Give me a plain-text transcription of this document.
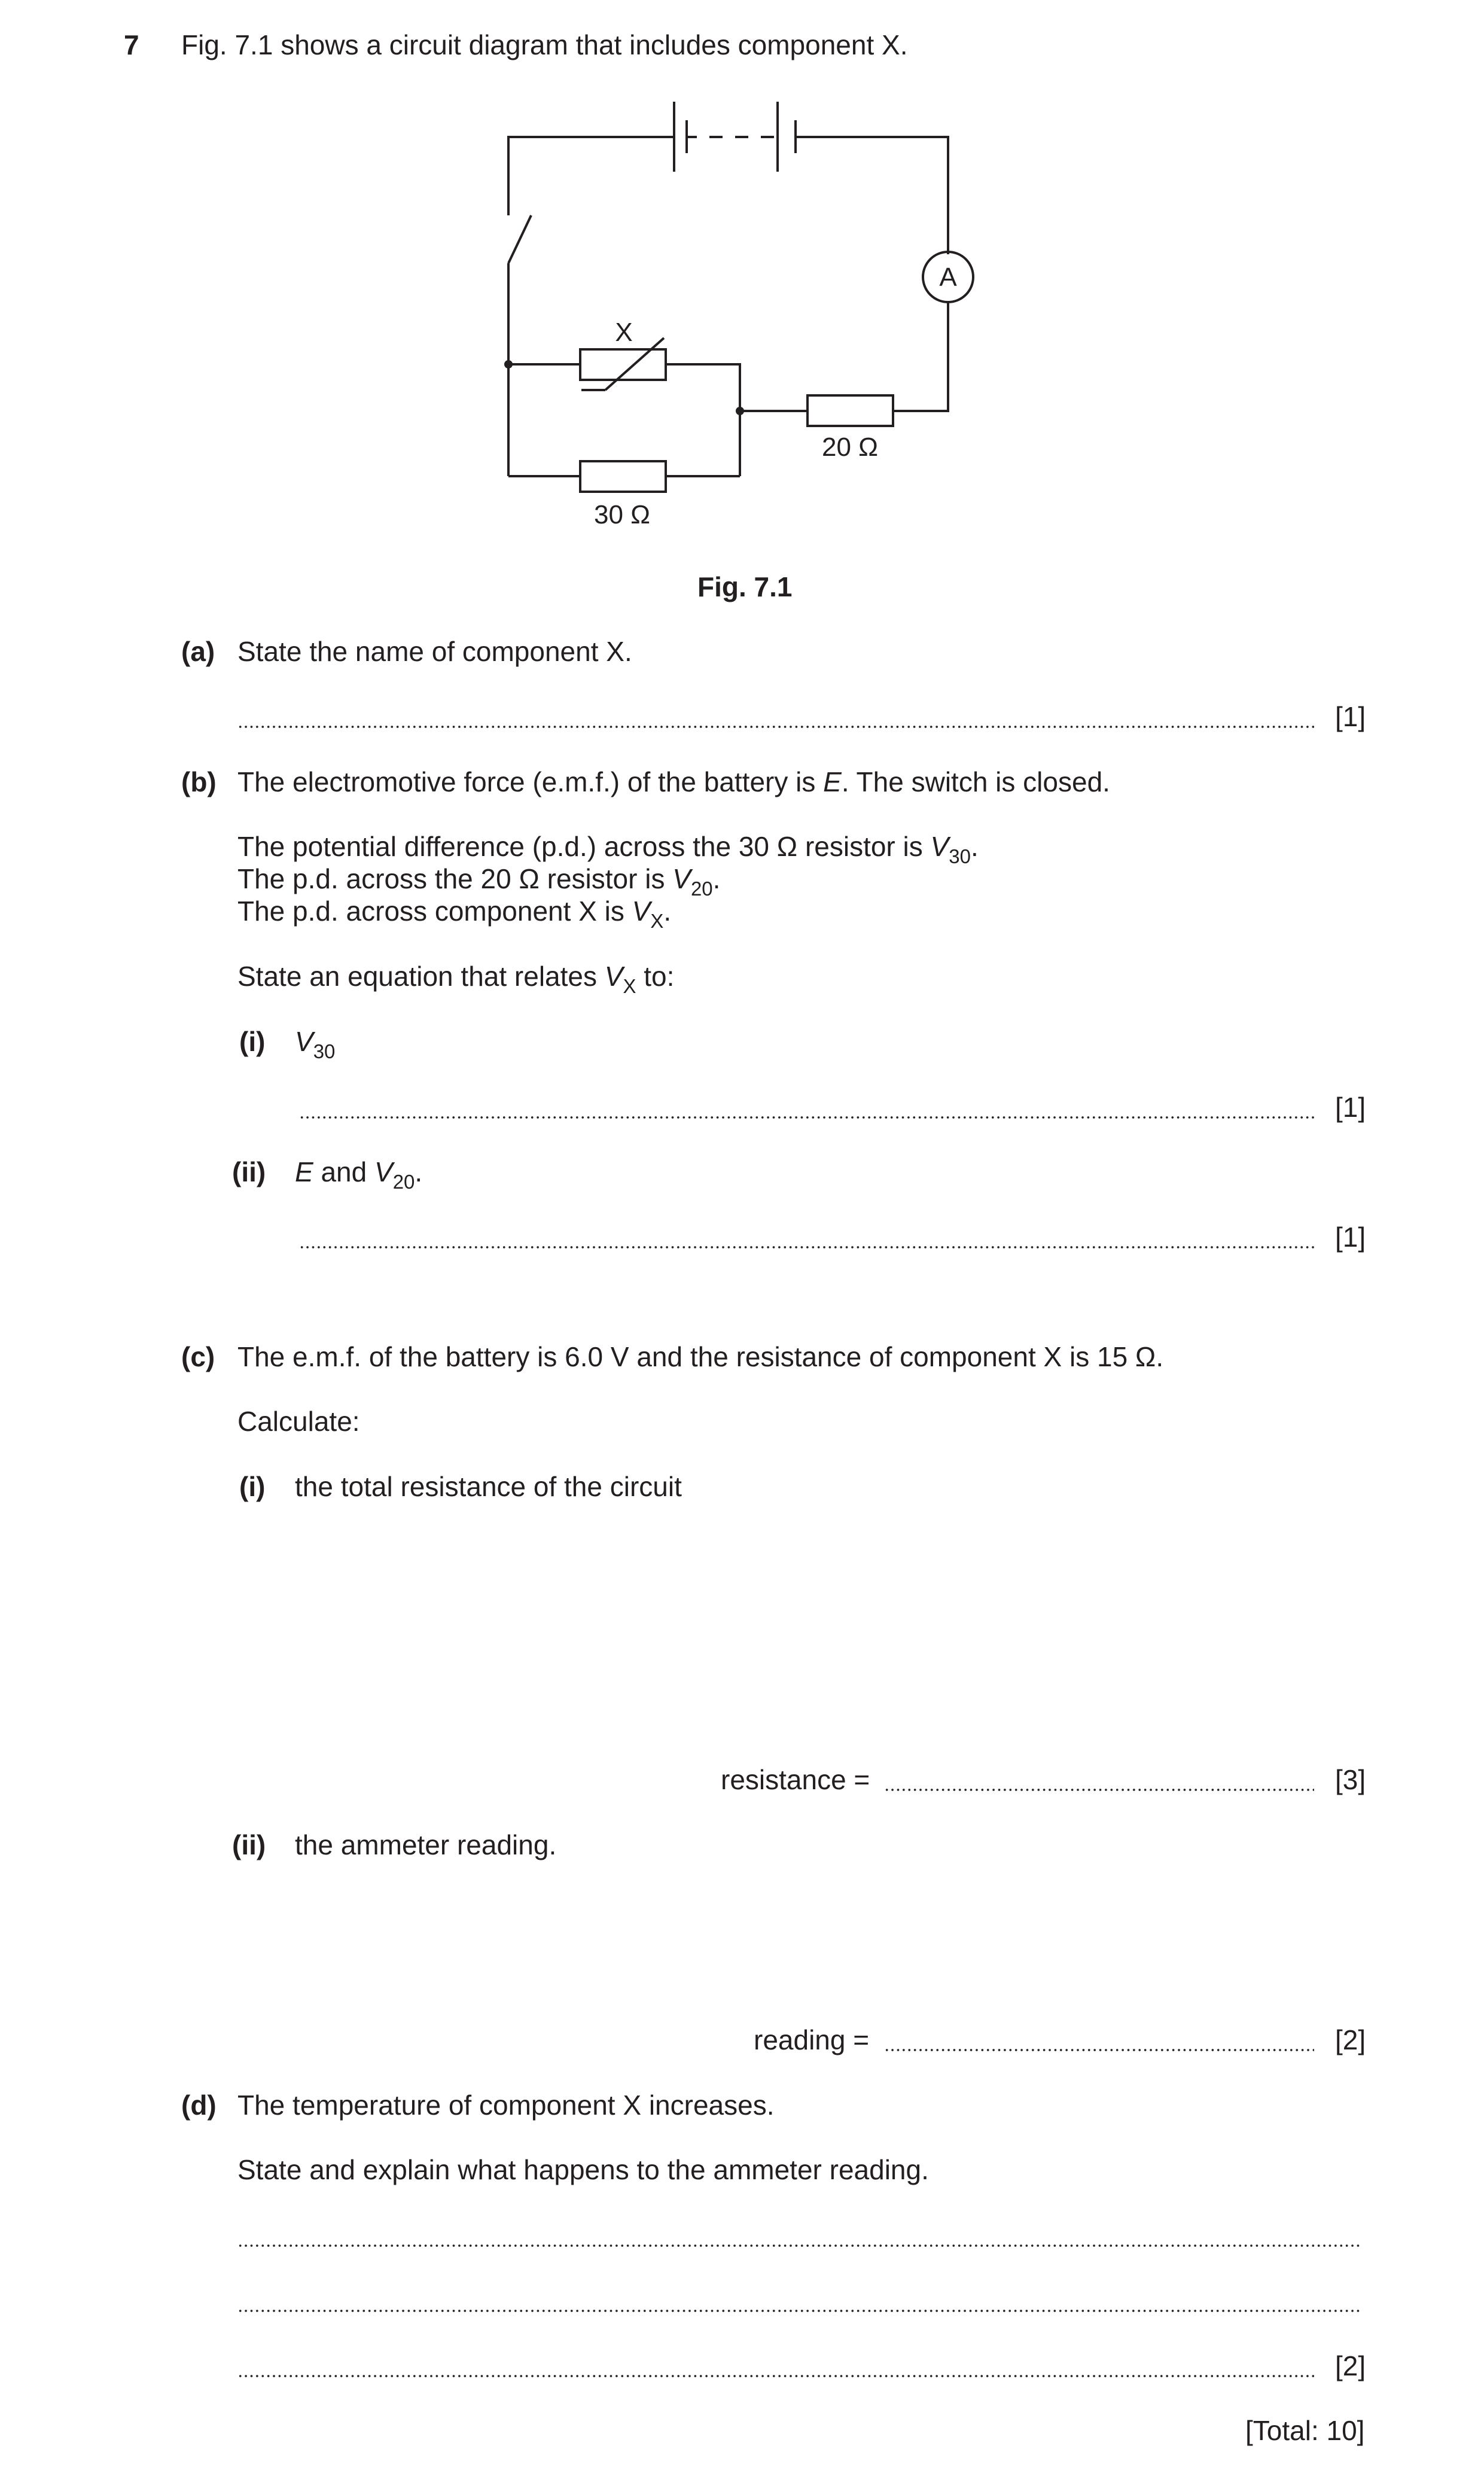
7 Fig. 7.1 shows a circuit diagram that includes component X.
A
X
30 Ω
20 Ω
Fig. 7.1
(a) State the name of component X.
[1]
(b) The electromotive force (e.m.f.) of the battery is E. The switch is closed.
The potential difference (p.d.) across the 30 Ω resistor is $V_{30}$.
The p.d. across the 20 Ω resistor is $V_{20}$.
The p.d. across component X is $V_X$.
State an equation that relates $V_X$ to:
(i) $V_{30}$
[1]
(ii) E and $V_{20}$.
[1]
(c) The e.m.f. of the battery is 6.0 V and the resistance of component X is 15 Ω.
Calculate:
(i) the total resistance of the circuit
resistance =	[3]
(ii) the ammeter reading.
reading =	[2]
(d) The temperature of component X increases.
State and explain what happens to the ammeter reading.
[2]
[Total: 10]
